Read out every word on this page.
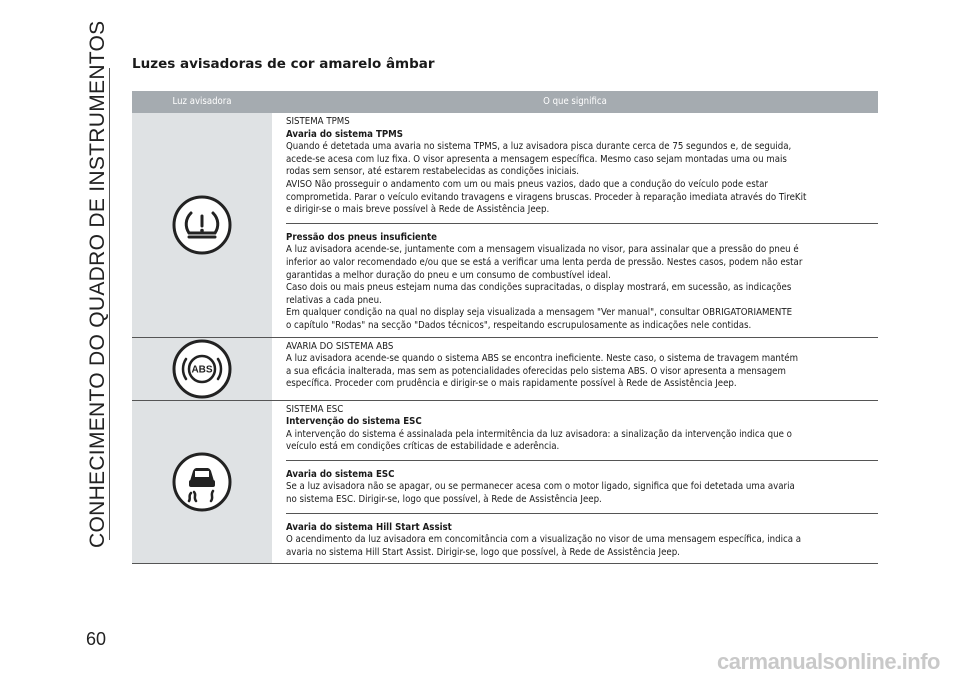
CONHECIMENTO DO QUADRO DE INSTRUMENTOS
60
Luzes avisadoras de cor amarelo âmbar
Luz avisadora	O que significa

SISTEMA TPMS

Avaria do sistema TPMS

Quando é detetada uma avaria no sistema TPMS, a luz avisadora pisca durante cerca de 75 segundos e, de seguida,

acede-se acesa com luz fixa. O visor apresenta a mensagem específica. Mesmo caso sejam montadas uma ou mais

rodas sem sensor, até estarem restabelecidas as condições iniciais.

AVISO Não prosseguir o andamento com um ou mais pneus vazios, dado que a condução do veículo pode estar

comprometida. Parar o veículo evitando travagens e viragens bruscas. Proceder à reparação imediata através do TireKit

e dirigir-se o mais breve possível à Rede de Assistência Jeep.

Pressão dos pneus insuficiente

A luz avisadora acende-se, juntamente com a mensagem visualizada no visor, para assinalar que a pressão do pneu é

inferior ao valor recomendado e/ou que se está a verificar uma lenta perda de pressão. Nestes casos, podem não estar

garantidas a melhor duração do pneu e um consumo de combustível ideal.

Caso dois ou mais pneus estejam numa das condições supracitadas, o display mostrará, em sucessão, as indicações

relativas a cada pneu.

Em qualquer condição na qual no display seja visualizada a mensagem "Ver manual", consultar OBRIGATORIAMENTE

o capítulo "Rodas" na secção "Dados técnicos", respeitando escrupulosamente as indicações nele contidas.

ABS

AVARIA DO SISTEMA ABS

A luz avisadora acende-se quando o sistema ABS se encontra ineficiente. Neste caso, o sistema de travagem mantém

a sua eficácia inalterada, mas sem as potencialidades oferecidas pelo sistema ABS. O visor apresenta a mensagem

específica. Proceder com prudência e dirigir-se o mais rapidamente possível à Rede de Assistência Jeep.

SISTEMA ESC

Intervenção do sistema ESC

A intervenção do sistema é assinalada pela intermitência da luz avisadora: a sinalização da intervenção indica que o

veículo está em condições críticas de estabilidade e aderência.

Avaria do sistema ESC

Se a luz avisadora não se apagar, ou se permanecer acesa com o motor ligado, significa que foi detetada uma avaria

no sistema ESC. Dirigir-se, logo que possível, à Rede de Assistência Jeep.

Avaria do sistema Hill Start Assist

O acendimento da luz avisadora em concomitância com a visualização no visor de uma mensagem específica, indica a

avaria no sistema Hill Start Assist. Dirigir-se, logo que possível, à Rede de Assistência Jeep.

carmanualsonline.info
